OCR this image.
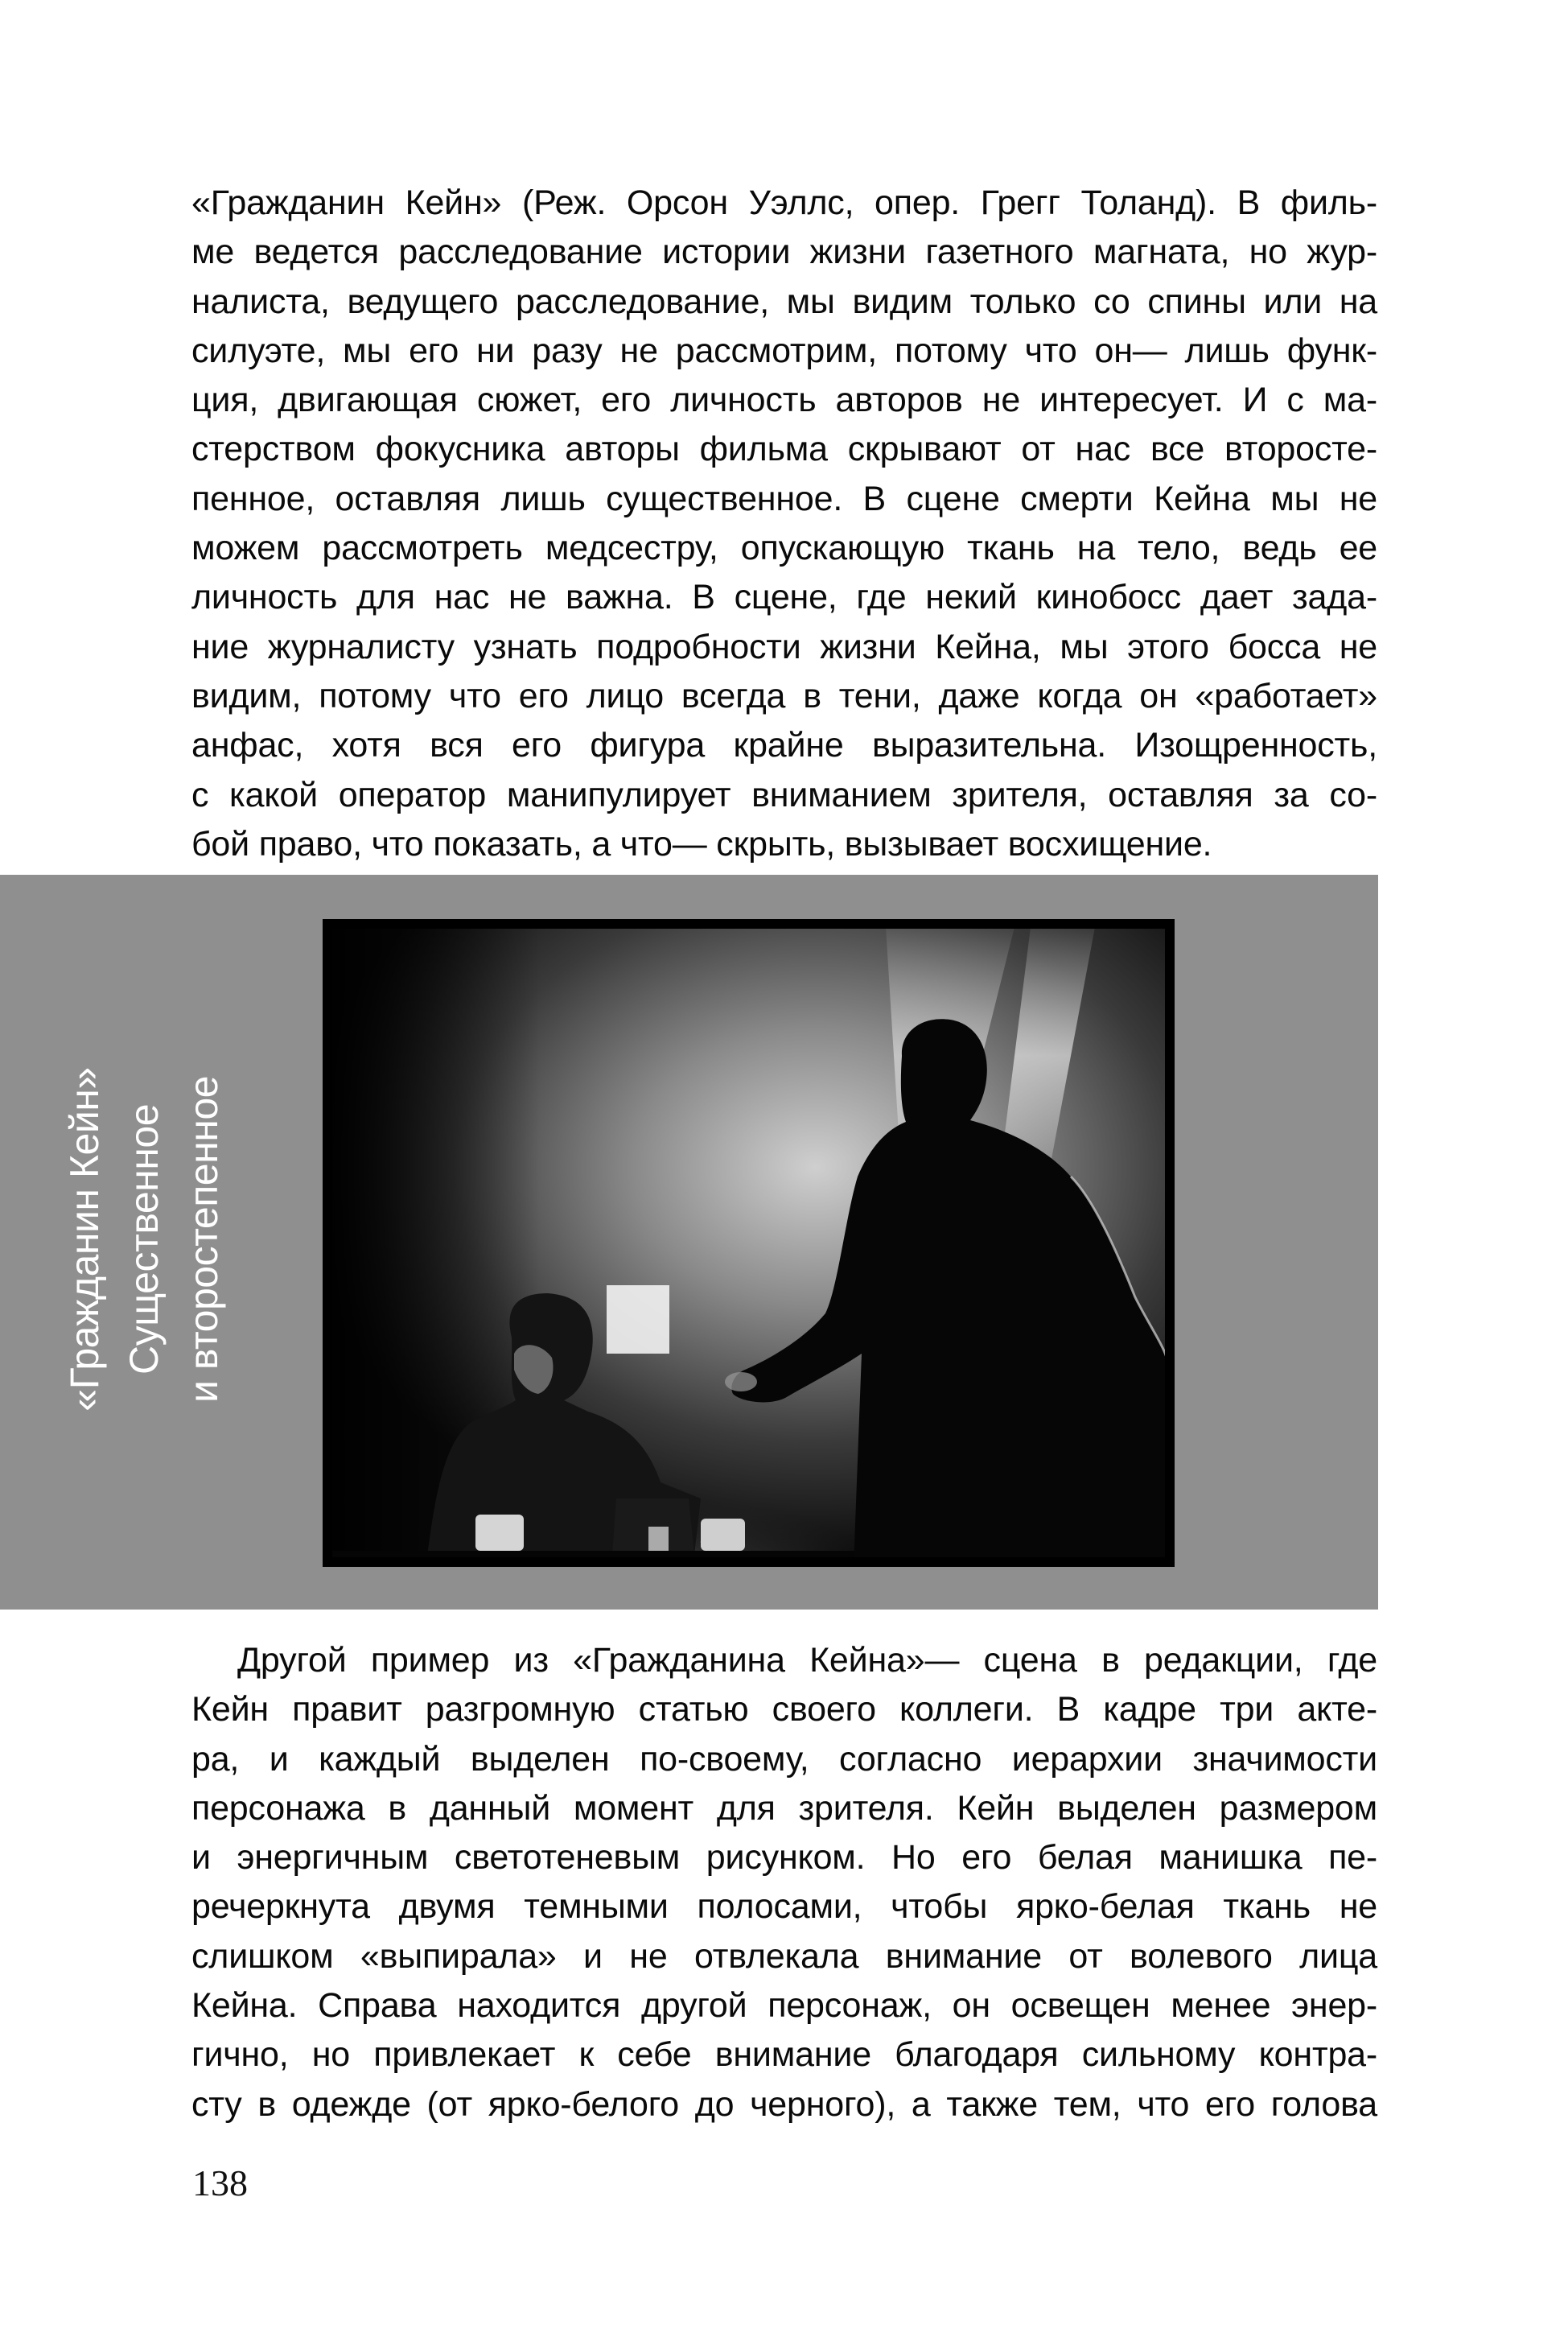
«Гражданин Кейн» (Реж. Орсон Уэллс, опер. Грегг Толанд). В филь-
ме ведется расследование истории жизни газетного магната, но жур-
налиста, ведущего расследование, мы видим только со спины или на
силуэте, мы его ни разу не рассмотрим, потому что он— лишь функ-
ция, двигающая сюжет, его личность авторов не интересует. И с ма-
стерством фокусника авторы фильма скрывают от нас все второсте-
пенное, оставляя лишь существенное. В сцене смерти Кейна мы не
можем рассмотреть медсестру, опускающую ткань на тело, ведь ее
личность для нас не важна. В сцене, где некий кинобосс дает зада-
ние журналисту узнать подробности жизни Кейна, мы этого босса не
видим, потому что его лицо всегда в тени, даже когда он «работает»
анфас, хотя вся его фигура крайне выразительна. Изощренность,
с какой оператор манипулирует вниманием зрителя, оставляя за со-
бой право, что показать, а что— скрыть, вызывает восхищение.
«Гражданин Кейн» Существенное и второстепенное
Другой пример из «Гражданина Кейна»— сцена в редакции, где
Кейн правит разгромную статью своего коллеги. В кадре три акте-
ра, и каждый выделен по-своему, согласно иерархии значимости
персонажа в данный момент для зрителя. Кейн выделен размером
и энергичным светотеневым рисунком. Но его белая манишка пе-
речеркнута двумя темными полосами, чтобы ярко-белая ткань не
слишком «выпирала» и не отвлекала внимание от волевого лица
Кейна. Справа находится другой персонаж, он освещен менее энер-
гично, но привлекает к себе внимание благодаря сильному контра-
сту в одежде (от ярко-белого до черного), а также тем, что его голова
138
